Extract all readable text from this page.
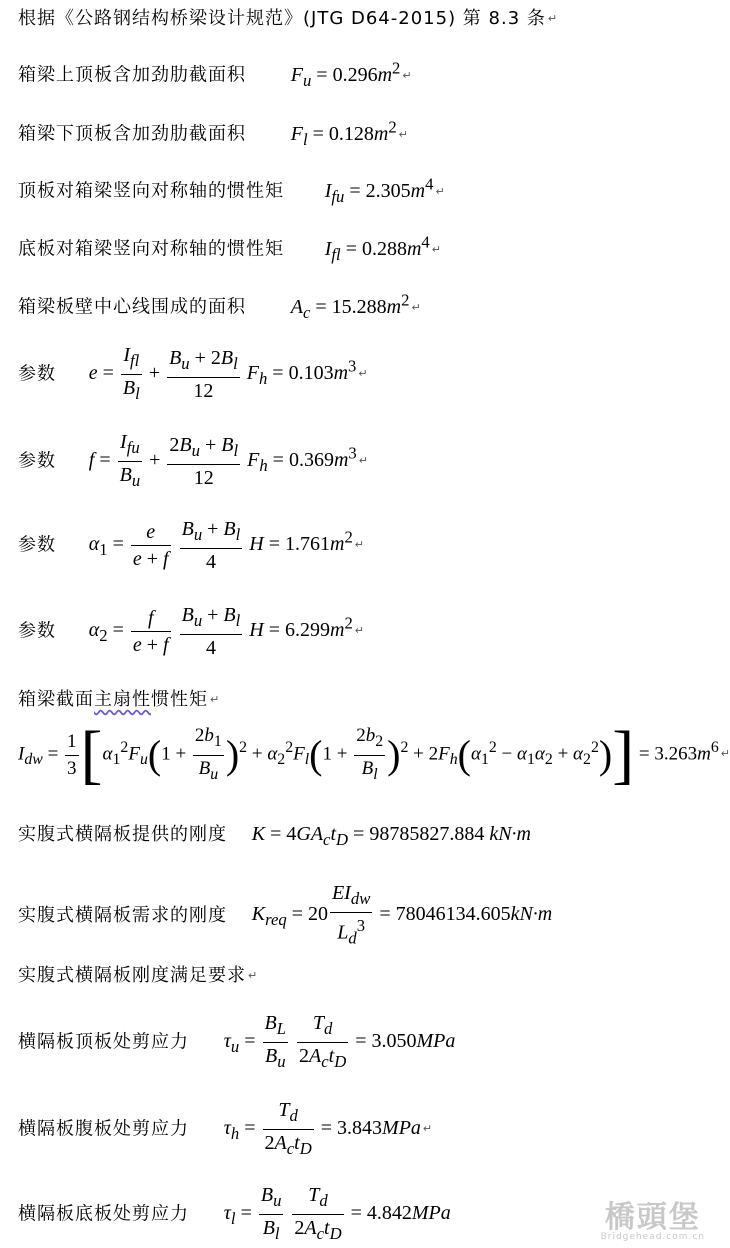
根据《公路钢结构桥梁设计规范》(JTG D64-2015) 第 8.3 条 ↵
箱梁上顶板含加劲肋截面积 $F_u = 0.296m^2$ ↵
箱梁下顶板含加劲肋截面积 $F_l = 0.128m^2$ ↵
顶板对箱梁竖向对称轴的惯性矩 $I_{fu} = 2.305m^4$ ↵
底板对箱梁竖向对称轴的惯性矩 $I_{fl} = 0.288m^4$ ↵
箱梁板壁中心线围成的面积 $A_c = 15.288m^2$ ↵
参数 $e = \frac{I_{fl}}{B_l} + \frac{B_u + 2B_l}{12} F_h = 0.103m^3$ ↵
参数 $f = \frac{I_{fu}}{B_u} + \frac{2B_u + B_l}{12} F_h = 0.369m^3$ ↵
参数 $\alpha_1 = \frac{e}{e + f}$
$\frac{B_u + B_l}{4}$ $H = 1.761m^2$ ↵
参数 $\alpha_2 = \frac{f}{e + f}$
$\frac{B_u + B_l}{4}$ $H = 6.299m^2$ ↵
箱梁截面主扇性惯性矩 ↵
$I_{dw} = \frac{1}{3} [\alpha_1^2F_u(1 + \frac{2b_1}{B_u} )^2 + \alpha_2^2F_l(1 + \frac{2b_2}{B_l} )^2 + 2F_h(\alpha_1^2 - \alpha_1\alpha_2 + \alpha_2^2)] = 3.263m^6$ ↵
实腹式横隔板提供的刚度 $K = 4GA_ct_D = 98785827.884$ kN·m
实腹式横隔板需求的刚度 $K_{req} = 20 \frac{EI_{dw}}{L_d^3} = 78046134.605kN\cdot m$
实腹式横隔板刚度满足要求 ↵
横隔板顶板处剪应力 $\tau_u = \frac{B_L}{B_u}$
$\frac{T_d}{2A_ct_D} = 3.050MPa$
横隔板腹板处剪应力 $\tau_h = \frac{T_d}{2A_ct_D} = 3.843MPa$ ↵
横隔板底板处剪应力 $\tau_l = \frac{B_u}{B_l}$
$\frac{T_d}{2A_ct_D} = 4.842MPa$	橋頭堡
Bridgehead.com.cn
